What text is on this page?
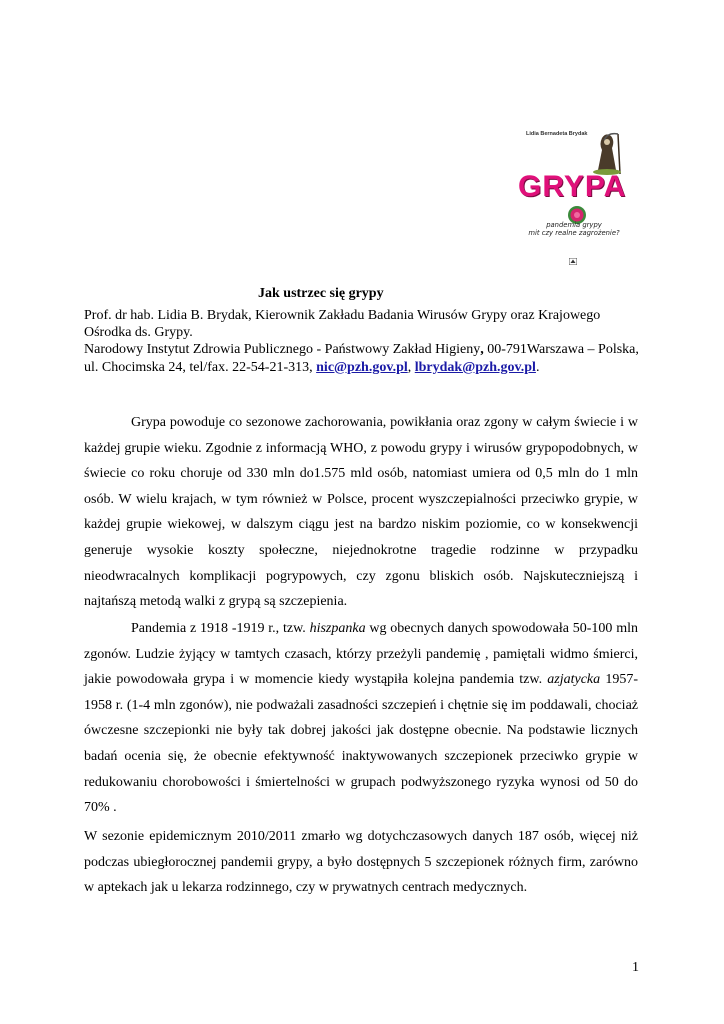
Lidia Bernadeta Brydak
GRYPA
pandemia grypy
mit czy realne zagrożenie?
Jak ustrzec się grypy

Prof. dr hab. Lidia B. Brydak, Kierownik Zakładu Badania Wirusów Grypy oraz Krajowego Ośrodka ds. Grypy.

Narodowy Instytut Zdrowia Publicznego - Państwowy Zakład Higieny, 00-791Warszawa – Polska, ul. Chocimska 24, tel/fax. 22-54-21-313, nic@pzh.gov.pl, lbrydak@pzh.gov.pl.

Grypa powoduje co sezonowe zachorowania, powikłania oraz zgony w całym świecie i w każdej grupie wieku. Zgodnie z informacją WHO, z powodu grypy i wirusów grypopodobnych, w świecie co roku choruje od 330 mln do1.575 mld osób, natomiast umiera od 0,5 mln do 1 mln osób. W wielu krajach, w tym również w Polsce, procent wyszczepialności przeciwko grypie, w każdej grupie wiekowej, w dalszym ciągu jest na bardzo niskim poziomie, co w konsekwencji generuje wysokie koszty społeczne, niejednokrotne tragedie rodzinne w przypadku nieodwracalnych komplikacji pogrypowych, czy zgonu bliskich osób. Najskuteczniejszą i najtańszą metodą walki z grypą są szczepienia.

Pandemia z 1918 -1919 r., tzw. hiszpanka wg obecnych danych spowodowała 50-100 mln zgonów. Ludzie żyjący w tamtych czasach, którzy przeżyli pandemię , pamiętali widmo śmierci, jakie powodowała grypa i w momencie kiedy wystąpiła kolejna pandemia tzw. azjatycka 1957-1958 r. (1-4 mln zgonów), nie podważali zasadności szczepień i chętnie się im poddawali, chociaż ówczesne szczepionki nie były tak dobrej jakości jak dostępne obecnie. Na podstawie licznych badań ocenia się, że obecnie efektywność inaktywowanych szczepionek przeciwko grypie w redukowaniu chorobowości i śmiertelności w grupach podwyższonego ryzyka wynosi od 50 do 70% .

W sezonie epidemicznym 2010/2011 zmarło wg dotychczasowych danych 187 osób, więcej niż podczas ubiegłorocznej pandemii grypy, a było dostępnych 5 szczepionek różnych firm, zarówno w aptekach jak u lekarza rodzinnego, czy w prywatnych centrach medycznych.

1
